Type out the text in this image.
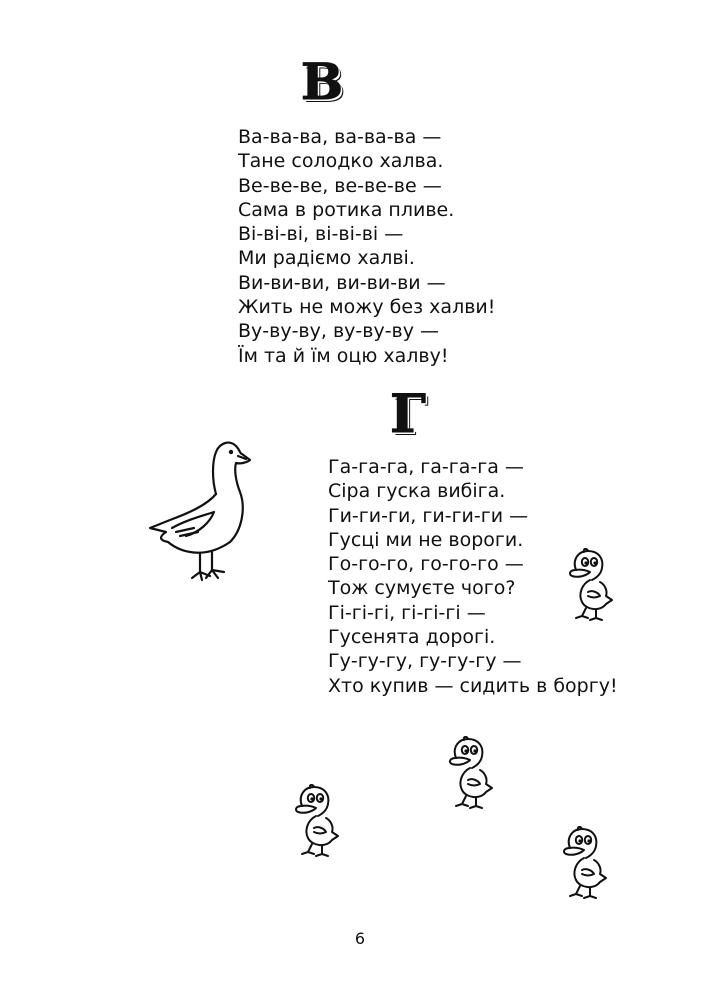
В
Ва-ва-ва, ва-ва-ва —
Тане солодко халва.
Ве-ве-ве, ве-ве-ве —
Сама в ротика пливе.
Ві-ві-ві, ві-ві-ві —
Ми радіємо халві.
Ви-ви-ви, ви-ви-ви —
Жить не можу без халви!
Ву-ву-ву, ву-ву-ву —
Їм та й їм оцю халву!
Г
Га-га-га, га-га-га —
Сіра гуска вибіга.
Ги-ги-ги, ги-ги-ги —
Гусці ми не вороги.
Го-го-го, го-го-го —
Тож сумуєте чого?
Гі-гі-гі, гі-гі-гі —
Гусенята дорогі.
Гу-гу-гу, гу-гу-гу —
Хто купив — сидить в боргу!
6
